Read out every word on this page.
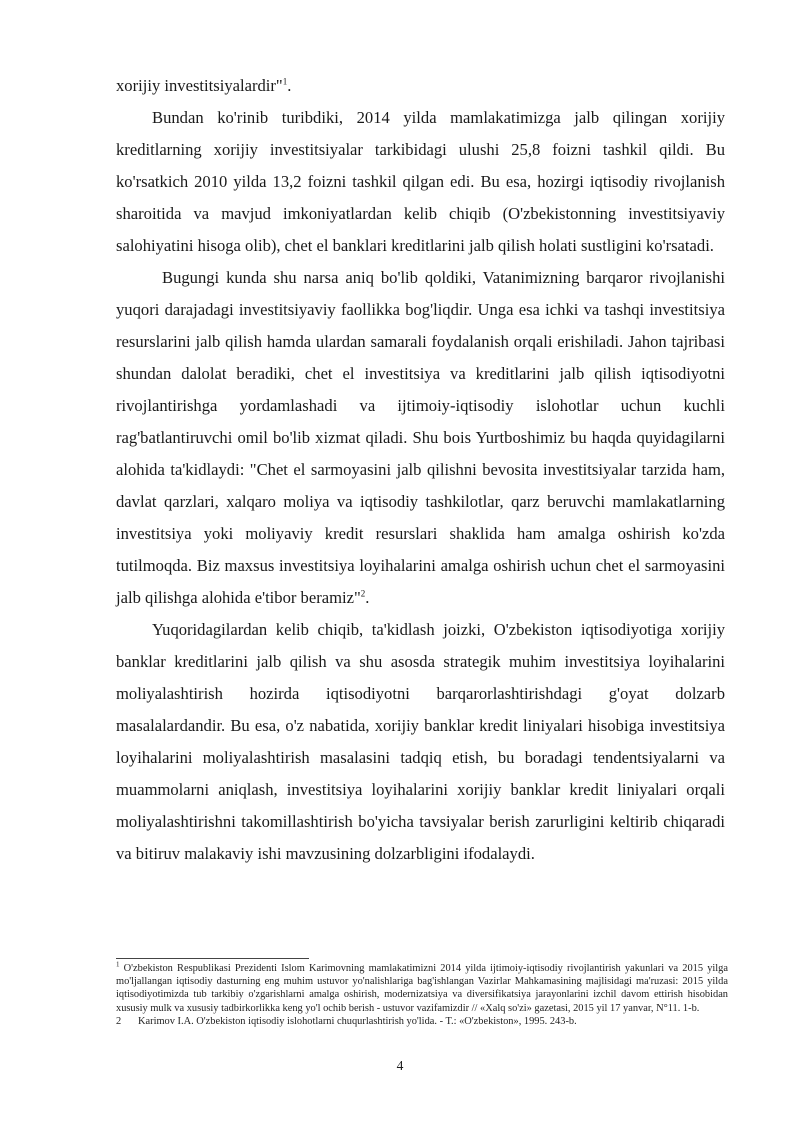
xorijiy investitsiyalardir"$^1$.

Bundan ko'rinib turibdiki, 2014 yilda mamlakatimizga jalb qilingan xorijiy kreditlarning xorijiy investitsiyalar tarkibidagi ulushi 25,8 foizni tashkil qildi. Bu ko'rsatkich 2010 yilda 13,2 foizni tashkil qilgan edi. Bu esa, hozirgi iqtisodiy rivojlanish sharoitida va mavjud imkoniyatlardan kelib chiqib (O'zbekistonning investitsiyaviy salohiyatini hisoga olib), chet el banklari kreditlarini jalb qilish holati sustligini ko'rsatadi.

Bugungi kunda shu narsa aniq bo'lib qoldiki, Vatanimizning barqaror rivojlanishi yuqori darajadagi investitsiyaviy faollikka bog'liqdir. Unga esa ichki va tashqi investitsiya resurslarini jalb qilish hamda ulardan samarali foydalanish orqali erishiladi. Jahon tajribasi shundan dalolat beradiki, chet el investitsiya va kreditlarini jalb qilish iqtisodiyotni rivojlantirishga yordamlashadi va ijtimoiy-iqtisodiy islohotlar uchun kuchli rag'batlantiruvchi omil bo'lib xizmat qiladi. Shu bois Yurtboshimiz bu haqda quyidagilarni alohida ta'kidlaydi: "Chet el sarmoyasini jalb qilishni bevosita investitsiyalar tarzida ham, davlat qarzlari, xalqaro moliya va iqtisodiy tashkilotlar, qarz beruvchi mamlakatlarning investitsiya yoki moliyaviy kredit resurslari shaklida ham amalga oshirish ko'zda tutilmoqda. Biz maxsus investitsiya loyihalarini amalga oshirish uchun chet el sarmoyasini jalb qilishga alohida e'tibor beramiz"$^2$.

Yuqoridagilardan kelib chiqib, ta'kidlash joizki, O'zbekiston iqtisodiyotiga xorijiy banklar kreditlarini jalb qilish va shu asosda strategik muhim investitsiya loyihalarini moliyalashtirish hozirda iqtisodiyotni barqarorlashtirishdagi g'oyat dolzarb masalalardandir. Bu esa, o'z nabatida, xorijiy banklar kredit liniyalari hisobiga investitsiya loyihalarini moliyalashtirish masalasini tadqiq etish, bu boradagi tendentsiyalarni va muammolarni aniqlash, investitsiya loyihalarini xorijiy banklar kredit liniyalari orqali moliyalashtirishni takomillashtirish bo'yicha tavsiyalar berish zarurligini keltirib chiqaradi va bitiruv malakaviy ishi mavzusining dolzarbligini ifodalaydi.

$^1$ O'zbekiston Respublikasi Prezidenti Islom Karimovning mamlakatimizni 2014 yilda ijtimoiy-iqtisodiy rivojlantirish yakunlari va 2015 yilga mo'ljallangan iqtisodiy dasturning eng muhim ustuvor yo'nalishlariga bag'ishlangan Vazirlar Mahkamasining majlisidagi ma'ruzasi: 2015 yilda iqtisodiyotimizda tub tarkibiy o'zgarishlarni amalga oshirish, modernizatsiya va diversifikatsiya jarayonlarini izchil davom ettirish hisobidan xususiy mulk va xususiy tadbirkorlikka keng yo'l ochib berish - ustuvor vazifamizdir // «Xalq so'zi» gazetasi, 2015 yil 17 yanvar, N°11. 1-b.

2	Karimov I.A. O'zbekiston iqtisodiy islohotlarni chuqurlashtirish yo'lida. - T.: «O'zbekiston», 1995. 243-b.

4
